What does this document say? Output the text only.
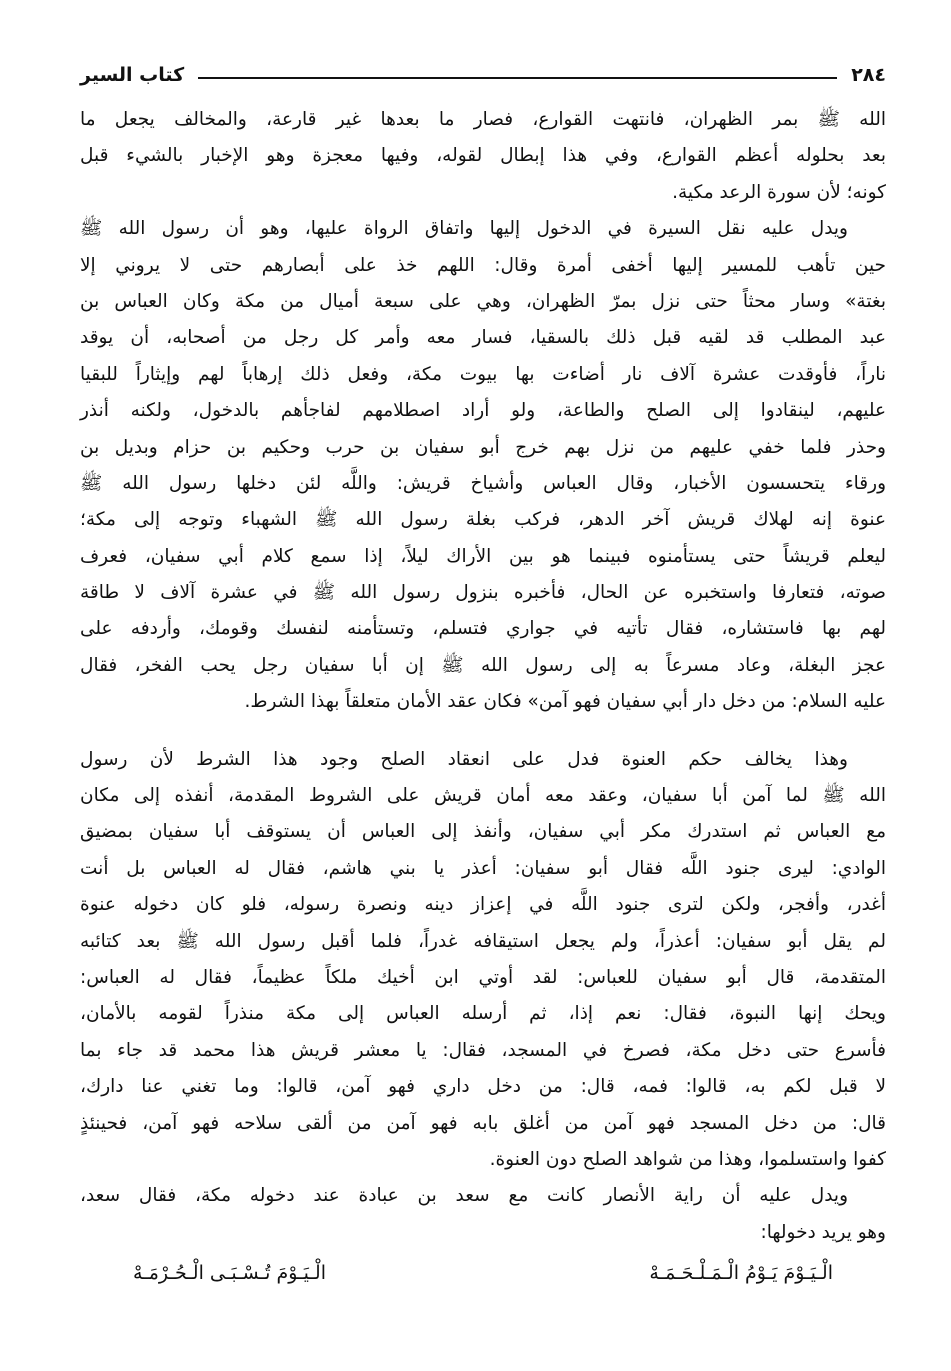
٢٨٤
كتاب السير
الله ﷺ بمر الظهران، فانتهت القوارع، فصار ما بعدها غير قارعة، والمخالف يجعل ما
بعد بحلوله أعظم القوارع، وفي هذا إبطال لقوله، وفيها معجزة وهو الإخبار بالشيء قبل
كونه؛ لأن سورة الرعد مكية.
ويدل عليه نقل السيرة في الدخول إليها واتفاق الرواة عليها، وهو أن رسول الله ﷺ
حين تأهب للمسير إليها أخفى أمرة وقال: اللهم خذ على أبصارهم حتى لا يروني إلا
بغتة» وسار محثاً حتى نزل بمرّ الظهران، وهي على سبعة أميال من مكة وكان العباس بن
عبد المطلب قد لقيه قبل ذلك بالسقيا، فسار معه وأمر كل رجل من أصحابه، أن يوقد
ناراً، فأوقدت عشرة آلاف نار أضاءت بها بيوت مكة، وفعل ذلك إرهاباً لهم وإيثاراً للبقيا
عليهم، لينقادوا إلى الصلح والطاعة، ولو أراد اصطلامهم لفاجأهم بالدخول، ولكنه أنذر
وحذر فلما خفي عليهم من نزل بهم خرج أبو سفيان بن حرب وحكيم بن حزام وبديل بن
ورقاء يتحسسون الأخبار، وقال العباس وأشياخ قريش: واللَّه لئن دخلها رسول الله ﷺ
عنوة إنه لهلاك قريش آخر الدهر، فركب بغلة رسول الله ﷺ الشهباء وتوجه إلى مكة؛
ليعلم قريشاً حتى يستأمنوه فبينما هو بين الأراك ليلاً، إذا سمع كلام أبي سفيان، فعرف
صوته، فتعارفا واستخبره عن الحال، فأخبره بنزول رسول الله ﷺ في عشرة آلاف لا طاقة
لهم بها فاستشاره، فقال تأتيه في جواري فتسلم، وتستأمنه لنفسك وقومك، وأردفه على
عجز البغلة، وعاد مسرعاً به إلى رسول الله ﷺ إن أبا سفيان رجل يحب الفخر، فقال
عليه السلام: من دخل دار أبي سفيان فهو آمن» فكان عقد الأمان متعلقاً بهذا الشرط.
وهذا يخالف حكم العنوة فدل على انعقاد الصلح وجود هذا الشرط لأن رسول
الله ﷺ لما آمن أبا سفيان، وعقد معه أمان قريش على الشروط المقدمة، أنفذه إلى مكان
مع العباس ثم استدرك مكر أبي سفيان، وأنفذ إلى العباس أن يستوقف أبا سفيان بمضيق
الوادي: ليرى جنود اللَّه فقال أبو سفيان: أعذر يا بني هاشم، فقال له العباس بل أنت
أغدر، وأفجر، ولكن لترى جنود اللَّه في إعزاز دينه ونصرة رسوله، فلو كان دخوله عنوة
لم يقل أبو سفيان: أعذراً، ولم يجعل استيقافه غدراً، فلما أقبل رسول الله ﷺ بعد كتائبه
المتقدمة، قال أبو سفيان للعباس: لقد أوتي ابن أخيك ملكاً عظيماً، فقال له العباس:
ويحك إنها النبوة، فقال: نعم إذا، ثم أرسله العباس إلى مكة منذراً لقومه بالأمان،
فأسرع حتى دخل مكة، فصرخ في المسجد، فقال: يا معشر قريش هذا محمد قد جاء بما
لا قبل لكم به، قالوا: فمه، قال: من دخل داري فهو آمن، قالوا: وما تغني عنا دارك،
قال: من دخل المسجد فهو آمن من أغلق بابه فهو آمن من ألقى سلاحه فهو آمن، فحينئذٍ
كفوا واستسلموا، وهذا من شواهد الصلح دون العنوة.
ويدل عليه أن راية الأنصار كانت مع سعد بن عبادة عند دخوله مكة، فقال سعد،
وهو يريد دخولها:
الْـيَـوْمَ يَـوْمُ الْـمَـلْـحَـمَـهْ
الْـيَـوْمَ تُـسْـبَـى الْـحُـرْمَـهْ
